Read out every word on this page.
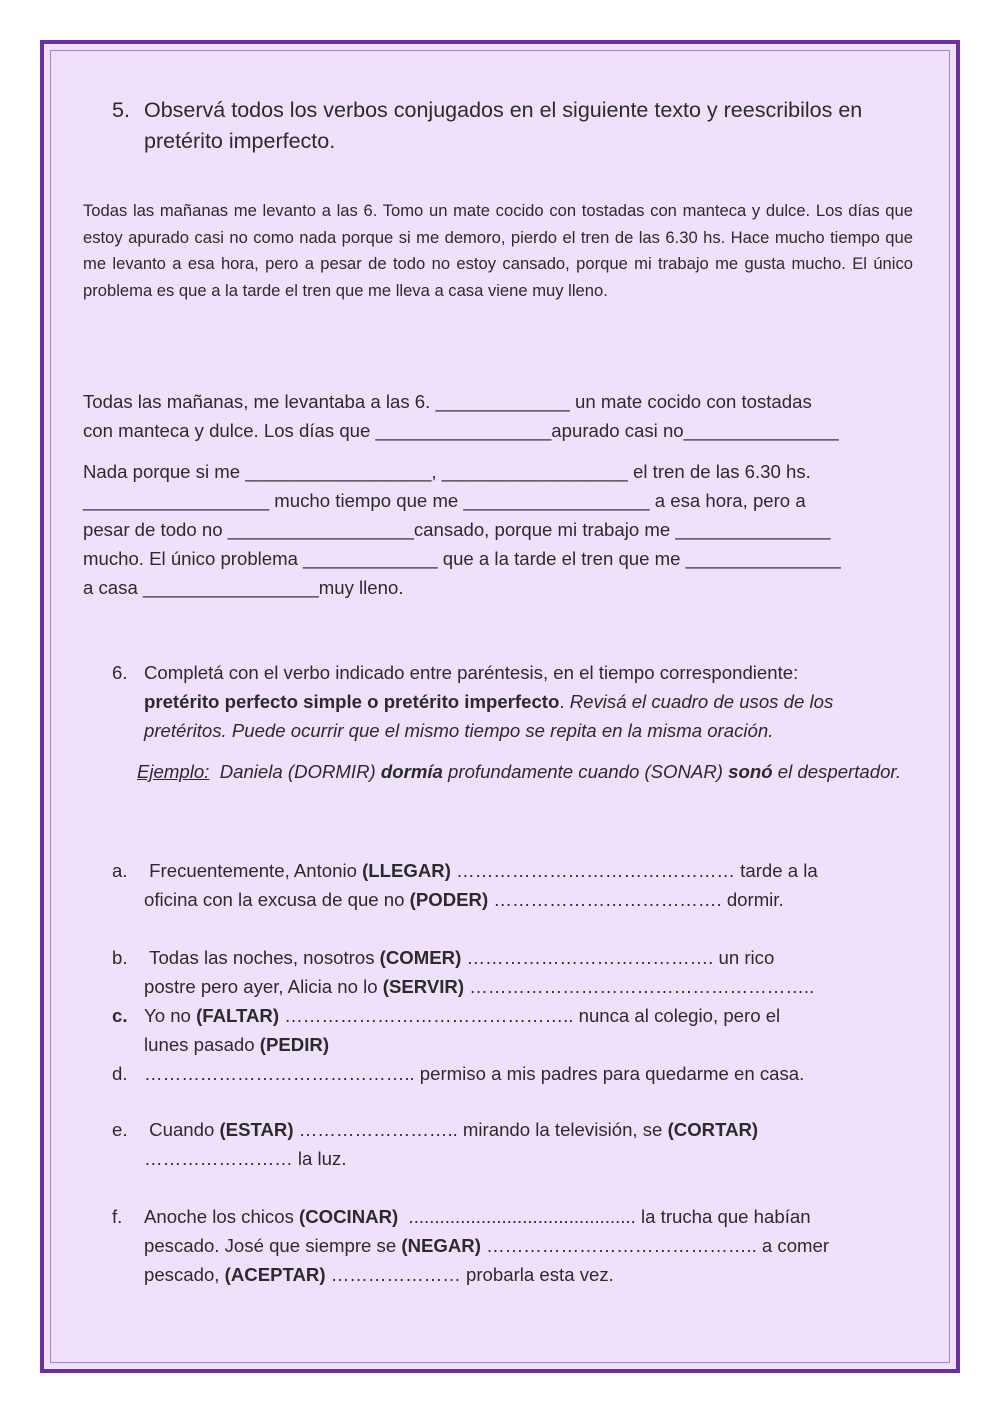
5. Observá todos los verbos conjugados en el siguiente texto y reescribilos en pretérito imperfecto.

Todas las mañanas me levanto a las 6. Tomo un mate cocido con tostadas con manteca y dulce. Los días que estoy apurado casi no como nada porque si me demoro, pierdo el tren de las 6.30 hs. Hace mucho tiempo que me levanto a esa hora, pero a pesar de todo no estoy cansado, porque mi trabajo me gusta mucho. El único problema es que a la tarde el tren que me lleva a casa viene muy lleno.

Todas las mañanas, me levantaba a las 6. _____________ un mate cocido con tostadas
con manteca y dulce. Los días que _________________apurado casi no_______________
Nada porque si me __________________, __________________ el tren de las 6.30 hs.
__________________ mucho tiempo que me __________________ a esa hora, pero a
pesar de todo no __________________cansado, porque mi trabajo me _______________
mucho. El único problema _____________ que a la tarde el tren que me _______________
a casa _________________muy lleno.
6. Completá con el verbo indicado entre paréntesis, en el tiempo correspondiente:
pretérito perfecto simple o pretérito imperfecto. Revisá el cuadro de usos de los pretéritos. Puede ocurrir que el mismo tiempo se repita en la misma oración.
Ejemplo: Daniela (DORMIR) dormía profundamente cuando (SONAR) sonó el despertador.
a.	Frecuentemente, Antonio (LLEGAR) ……………………………………… tarde a la
oficina con la excusa de que no (PODER) ………………………………. dormir.
b.	Todas las noches, nosotros (COMER) …………………………………. un rico
postre pero ayer, Alicia no lo (SERVIR) ………………………………………………..
c. Yo no (FALTAR) ……………………………………….. nunca al colegio, pero el
lunes pasado (PEDIR)
d. …………………………………….. permiso a mis padres para quedarme en casa.
e.	Cuando (ESTAR) …………………….. mirando la televisión, se (CORTAR)
…………………… la luz.
f.	Anoche los chicos (COCINAR) ............................................ la trucha que habían
pescado. José que siempre se (NEGAR) …………………………………….. a comer
pescado, (ACEPTAR) ………………… probarla esta vez.
